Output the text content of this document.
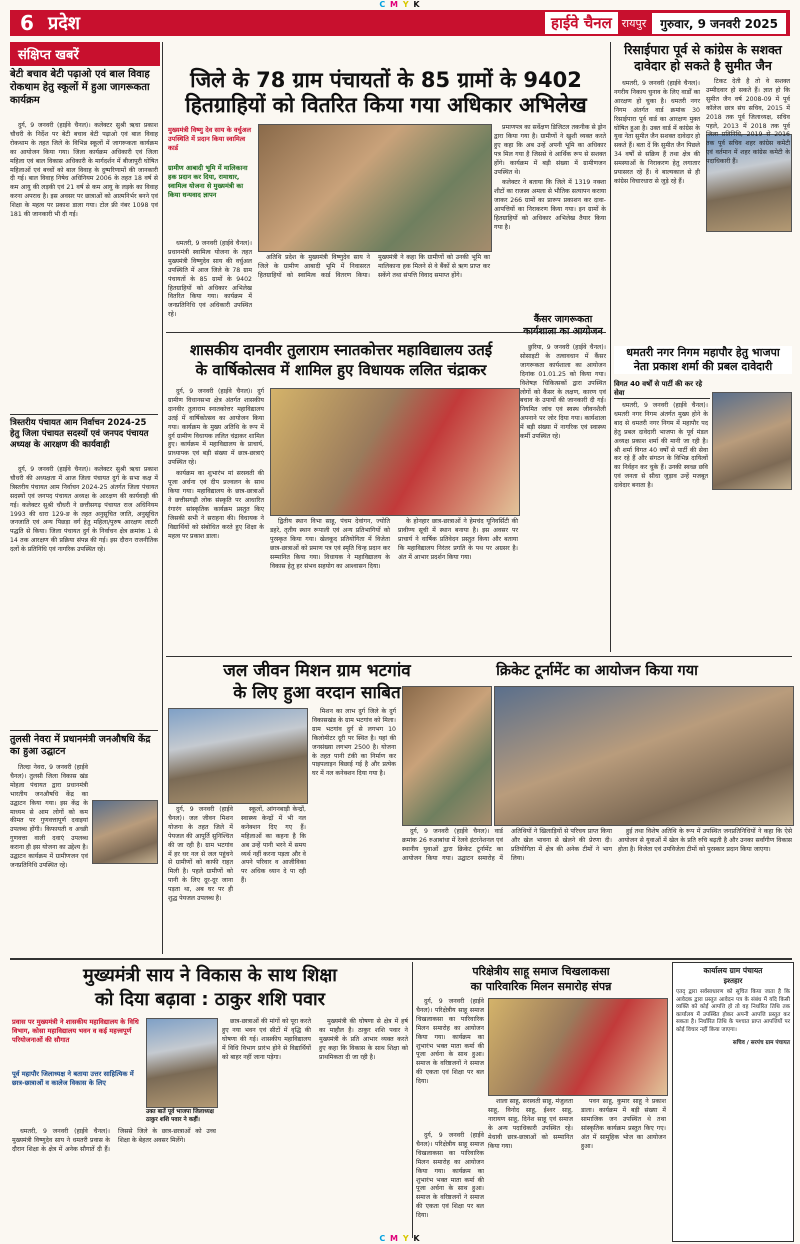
C M Y K
6 प्रदेश	हाईवे चैनल रायपुर	गुरुवार, 9 जनवरी 2025
संक्षिप्त खबरें
बेटी बचाव बेटी पढ़ाओ एवं बाल विवाह रोकथाम हेतु स्कूलों में हुआ जागरूकता कार्यक्रम

दुर्ग, 9 जनवरी (हाईवे चैनल)। कलेक्टर सुश्री ऋचा प्रकाश चौधरी के निर्देश पर बेटी बचाव बेटी पढ़ाओ एवं बाल विवाह रोकथाम के तहत जिले के विभिन्न स्कूलों में जागरूकता कार्यक्रम का आयोजन किया गया। जिला कार्यक्रम अधिकारी एवं जिला महिला एवं बाल विकास अधिकारी के मार्गदर्शन में बीजापुरी घोषित महिलाओं एवं बच्चों को बाल विवाह के दुष्परिणामों की जानकारी दी गई। बाल विवाह निषेध अधिनियम 2006 के तहत 18 वर्ष से कम आयु की लड़की एवं 21 वर्ष से कम आयु के लड़के का विवाह करना अपराध है। इस अवसर पर छात्राओं को आत्मनिर्भर बनने एवं शिक्षा के महत्व पर प्रकाश डाला गया। टोल फ्री नंबर 1098 एवं 181 की जानकारी भी दी गई।

त्रिस्तरीय पंचायत आम निर्वाचन 2024-25 हेतु जिला पंचायत सदस्यों एवं जनपद पंचायत अध्यक्ष के आरक्षण की कार्यवाही

दुर्ग, 9 जनवरी (हाईवे चैनल)। कलेक्टर सुश्री ऋचा प्रकाश चौधरी की अध्यक्षता में आज जिला पंचायत दुर्ग के सभा कक्ष में त्रिस्तरीय पंचायत आम निर्वाचन 2024-25 अंतर्गत जिला पंचायत सदस्यों एवं जनपद पंचायत अध्यक्ष के आरक्षण की कार्यवाही की गई। कलेक्टर सुश्री चौधरी ने छत्तीसगढ़ पंचायत राज अधिनियम 1993 की धारा 129-ङ के तहत अनुसूचित जाति, अनुसूचित जनजाति एवं अन्य पिछड़ा वर्ग हेतु महिला/पुरुष आरक्षण लाटरी पद्धति से किया। जिला पंचायत दुर्ग के निर्वाचन क्षेत्र क्रमांक 1 से 14 तक आरक्षण की प्रक्रिया संपन्न की गई। इस दौरान राजनीतिक दलों के प्रतिनिधि एवं नागरिक उपस्थित रहे।

तुलसी नेवरा में प्रधानमंत्री जनऔषधि केंद्र का हुआ उद्घाटन

तिल्दा नेवरा, 9 जनवरी (हाईवे चैनल)। तुलसी जिला विकास खंड मोहला पंचायत द्वारा प्रधानमंत्री भारतीय जनऔषधि केंद्र का उद्घाटन किया गया। इस केंद्र के माध्यम से आम लोगों को कम कीमत पर गुणवत्तापूर्ण दवाइयां उपलब्ध होंगी। किफायती व अच्छी गुणवत्ता वाली दवाएं उपलब्ध कराना ही इस योजना का उद्देश्य है। उद्घाटन कार्यक्रम में ग्रामीणजन एवं जनप्रतिनिधि उपस्थित रहे।

जिले के 78 ग्राम पंचायतों के 85 ग्रामों के 9402
हितग्राहियों को वितरित किया गया अधिकार अभिलेख
मुख्यमंत्री विष्णु देव साय के वर्चुअल उपस्थिति में प्रदान किया स्वामित्व कार्ड
ग्रामीण आबादी भूमि में मालिकाना हक प्रदान कर दिया, रामाधार, स्वामित्व योजना से मुख्यमंत्री का किया धन्यवाद ज्ञापन

धमतरी, 9 जनवरी (हाईवे चैनल)। प्रधानमंत्री स्वामित्व योजना के तहत मुख्यमंत्री विष्णुदेव साय की वर्चुअल उपस्थिति में आज जिले के 78 ग्राम पंचायतों के 85 ग्रामों के 9402 हितग्राहियों को अधिकार अभिलेख वितरित किया गया। कार्यक्रम में जनप्रतिनिधि एवं अधिकारी उपस्थित रहे।

अतिथि प्रदेश के मुख्यमंत्री विष्णुदेव साय ने जिले के ग्रामीण आबादी भूमि में निवासरत हितग्राहियों को स्वामित्व कार्ड वितरण किया। मुख्यमंत्री ने कहा कि ग्रामीणों को उनकी भूमि का मालिकाना हक मिलने से वे बैंकों से ऋण प्राप्त कर सकेंगे तथा संपत्ति विवाद समाप्त होंगे।

प्रमाणपत्र का सर्वेक्षण डिजिटल तकनीक से ड्रोन द्वारा किया गया है। ग्रामीणों ने खुशी व्यक्त करते हुए कहा कि अब उन्हें अपनी भूमि का अधिकार पत्र मिल गया है जिससे वे आर्थिक रूप से सशक्त होंगे। कार्यक्रम में बड़ी संख्या में ग्रामीणजन उपस्थित थे।

कलेक्टर ने बताया कि जिले में 1319 नक्शा शीटों का राजस्व अमला से भौतिक सत्यापन कराया जाकर 266 ग्रामों का प्रारूप प्रकाशन कर दावा-आपत्तियों का निराकरण किया गया। इन ग्रामों के हितग्राहियों को अधिकार अभिलेख तैयार किया गया है।

रिसाईपारा पूर्व से कांग्रेस के सशक्त
दावेदार हो सकते है सुमीत जैन

धमतरी, 9 जनवरी (हाईवे चैनल)। नगरीय निकाय चुनाव के लिए वार्डों का आरक्षण हो चुका है। धमतरी नगर निगम अंतर्गत वार्ड क्रमांक 30 रिसाईपारा पूर्व वार्ड का आरक्षण मुक्त घोषित हुआ है। उक्त वार्ड में कांग्रेस के युवा नेता सुमीत जैन सशक्त दावेदार हो सकते हैं। बता दें कि सुमीत जैन पिछले 34 वर्षों से सक्रिय हैं तथा क्षेत्र की समस्याओं के निराकरण हेतु लगातार प्रयासरत रहे हैं। वे बाल्यकाल से ही कांग्रेस विचारधारा से जुड़े रहे हैं।

टिकट देती है तो वे सशक्त उम्मीदवार हो सकते हैं। ज्ञात हो कि सुमीत जैन वर्ष 2008-09 में पूर्व कॉलेज छात्र संघ सचिव, 2015 में 2018 तक पूर्व जिलाध्यक्ष, सचिव पहले, 2013 में 2018 तक पूर्व जिला प्रतिनिधि, 2019 से 2016 तक पूर्व सचिव शहर कांग्रेस कमेटी एवं वर्तमान में शहर कांग्रेस कमेटी के पदाधिकारी हैं।

कैंसर जागरूकता

छुरिया, 9 जनवरी (हाईवे चैनल)। सोसाइटी के तत्वावधान में कैंसर जागरूकता कार्यशाला का आयोजन दिनांक 01.01.25 को किया गया। विशेषज्ञ चिकित्सकों द्वारा उपस्थित लोगों को कैंसर के लक्षण, कारण एवं बचाव के उपायों की जानकारी दी गई। नियमित जांच एवं स्वस्थ जीवनशैली अपनाने पर जोर दिया गया। कार्यशाला में बड़ी संख्या में नागरिक एवं स्वास्थ्य कर्मी उपस्थित रहे।

धमतरी नगर निगम महापौर हेतु भाजपा
नेता प्रकाश शर्मा की प्रबल दावेदारी
विगत 40 वर्षों से पार्टी की कर रहे सेवा

धमतरी, 9 जनवरी (हाईवे चैनल)। धमतरी नगर निगम अंतर्गत मुख्य होने के बाद से धमतरी नगर निगम में महापौर पद हेतु प्रबल दावेदारी भाजपा के पूर्व मंडल अध्यक्ष प्रकाश शर्मा की मानी जा रही है। श्री शर्मा विगत 40 वर्षों से पार्टी की सेवा कर रहे हैं और संगठन के विभिन्न दायित्वों का निर्वहन कर चुके हैं। उनकी स्वच्छ छवि एवं जनता से सीधा जुड़ाव उन्हें मजबूत दावेदार बनाता है।

शासकीय दानवीर तुलाराम स्नातकोत्तर महाविद्यालय उतई
के वार्षिकोत्सव में शामिल हुए विधायक ललित चंद्राकर

दुर्ग, 9 जनवरी (हाईवे चैनल)। दुर्ग ग्रामीण विधानसभा क्षेत्र अंतर्गत शासकीय दानवीर तुलाराम स्नातकोत्तर महाविद्यालय उतई में वार्षिकोत्सव का आयोजन किया गया। कार्यक्रम के मुख्य अतिथि के रूप में दुर्ग ग्रामीण विधायक ललित चंद्राकर शामिल हुए। कार्यक्रम में महाविद्यालय के प्राचार्य, प्राध्यापक एवं बड़ी संख्या में छात्र-छात्राएं उपस्थित रहे।

कार्यक्रम का शुभारंभ मां सरस्वती की पूजा अर्चना एवं दीप प्रज्वलन के साथ किया गया। महाविद्यालय के छात्र-छात्राओं ने छत्तीसगढ़ी लोक संस्कृति पर आधारित रंगारंग सांस्कृतिक कार्यक्रम प्रस्तुत किए जिसकी सभी ने सराहना की। विधायक ने विद्यार्थियों को संबोधित करते हुए शिक्षा के महत्व पर प्रकाश डाला।

द्वितीय स्थान विभा साहू, पंचम देवांगन, ज्योति डहरे, तृतीय स्थान रूपाली एवं अन्य प्रतिभागियों को पुरस्कृत किया गया। खेलकूद प्रतियोगिता में विजेता छात्र-छात्राओं को प्रमाण पत्र एवं स्मृति चिन्ह प्रदान कर सम्मानित किया गया। विधायक ने महाविद्यालय के विकास हेतु हर संभव सहयोग का आश्वासन दिया।

के होनहार छात्र-छात्राओं ने हेमचंद यूनिवर्सिटी की प्रावीण्य सूची में स्थान बनाया है। इस अवसर पर प्राचार्य ने वार्षिक प्रतिवेदन प्रस्तुत किया और बताया कि महाविद्यालय निरंतर प्रगति के पथ पर अग्रसर है। अंत में आभार प्रदर्शन किया गया।

जल जीवन मिशन ग्राम भटगांव
के लिए हुआ वरदान साबित

दुर्ग, 9 जनवरी (हाईवे चैनल)। जल जीवन मिशन योजना के तहत जिले में पेयजल की आपूर्ति सुनिश्चित की जा रही है। ग्राम भटगांव में हर घर नल से जल पहुंचने से ग्रामीणों को काफी राहत मिली है। पहले ग्रामीणों को पानी के लिए दूर-दूर जाना पड़ता था, अब घर पर ही शुद्ध पेयजल उपलब्ध है।

स्कूलों, आंगनबाड़ी केन्द्रों, स्वास्थ्य केन्द्रों में भी नल कनेक्शन दिए गए हैं। महिलाओं का कहना है कि अब उन्हें पानी भरने में समय व्यर्थ नहीं करना पड़ता और वे अपने परिवार व आजीविका पर अधिक ध्यान दे पा रही हैं।

मिशन का लाभ दुर्ग जिले के दुर्ग विकासखंड के ग्राम भटगांव को मिला। ग्राम भटगांव दुर्ग से लगभग 10 किलोमीटर दूरी पर स्थित है। यहां की जनसंख्या लगभग 2500 है। योजना के तहत पानी टंकी का निर्माण कर पाइपलाइन बिछाई गई है और प्रत्येक घर में नल कनेक्शन दिया गया है।

क्रिकेट टूर्नामेंट का आयोजन किया गया

दुर्ग, 9 जनवरी (हाईवे चैनल)। वार्ड क्रमांक 26 रुआबांधा में रेलवे इंटरनेशनल एवं स्थानीय युवाओं द्वारा क्रिकेट टूर्नामेंट का आयोजन किया गया। उद्घाटन समारोह में अतिथियों ने खिलाड़ियों से परिचय प्राप्त किया और खेल भावना से खेलने की प्रेरणा दी। प्रतियोगिता में क्षेत्र की अनेक टीमों ने भाग लिया।

हुई तथा विशेष अतिथि के रूप में उपस्थित जनप्रतिनिधियों ने कहा कि ऐसे आयोजन से युवाओं में खेल के प्रति रुचि बढ़ती है और उनका सर्वांगीण विकास होता है। विजेता एवं उपविजेता टीमों को पुरस्कार प्रदान किया जाएगा।

मुख्यमंत्री साय ने विकास के साथ शिक्षा
को दिया बढ़ावा : ठाकुर शशि पवार
प्रवास पर मुख्यमंत्री ने शासकीय महाविद्यालय के विधि विभाग, कोसा महाविद्यालय भवन व कई महत्त्वपूर्ण परियोजनाओं की सौगात
पूर्व महापौर जिलाध्यक्ष ने बताया उत्तर साहित्यिक में छात्र-छात्राओं व कालेज विकास के लिए
उक्त बातें पूर्व भाजपा जिलाध्यक्ष ठाकुर शशि पवार ने कहीं।

धमतरी, 9 जनवरी (हाईवे चैनल)। मुख्यमंत्री विष्णुदेव साय ने धमतरी प्रवास के दौरान शिक्षा के क्षेत्र में अनेक सौगातें दी हैं। जिससे जिले के छात्र-छात्राओं को उच्च शिक्षा के बेहतर अवसर मिलेंगे।

छात्र-छात्राओं की मांगों को पूरा करते हुए नया भवन एवं सीटों में वृद्धि की घोषणा की गई। शासकीय महाविद्यालय में विधि विभाग प्रारंभ होने से विद्यार्थियों को बाहर नहीं जाना पड़ेगा।

मुख्यमंत्री की घोषणा से क्षेत्र में हर्ष का माहौल है। ठाकुर शशि पवार ने मुख्यमंत्री के प्रति आभार व्यक्त करते हुए कहा कि विकास के साथ शिक्षा को प्राथमिकता दी जा रही है।

परिक्षेत्रीय साहू समाज चिखलाकसा
का पारिवारिक मिलन समारोह संपन्न

दुर्ग, 9 जनवरी (हाईवे चैनल)। परिक्षेत्रीय साहू समाज चिखलाकसा का पारिवारिक मिलन समारोह का आयोजन किया गया। कार्यक्रम का शुभारंभ भक्त माता कर्मा की पूजा अर्चना के साथ हुआ। समाज के वरिष्ठजनों ने समाज की एकता एवं शिक्षा पर बल दिया।

शाला साहू, सरस्वती साहू, मंजुलता साहू, विनोद साहू, ईश्वर साहू, नारायण साहू, दिनेश साहू एवं समाज के अन्य पदाधिकारी उपस्थित रहे। मेधावी छात्र-छात्राओं को सम्मानित किया गया।

पवन साहू, कुमार साहू ने प्रकाश डाला। कार्यक्रम में बड़ी संख्या में सामाजिक जन उपस्थित थे तथा सांस्कृतिक कार्यक्रम प्रस्तुत किए गए। अंत में सामूहिक भोज का आयोजन हुआ।

दुर्ग, 9 जनवरी (हाईवे चैनल)। परिक्षेत्रीय साहू समाज चिखलाकसा का पारिवारिक मिलन समारोह का आयोजन किया गया। कार्यक्रम का शुभारंभ भक्त माता कर्मा की पूजा अर्चना के साथ हुआ। समाज के वरिष्ठजनों ने समाज की एकता एवं शिक्षा पर बल दिया।

कार्यालय ग्राम पंचायत
इश्तहार
एतद् द्वारा सर्वसाधारण को सूचित किया जाता है कि आवेदक द्वारा प्रस्तुत आवेदन पत्र के संबंध में यदि किसी व्यक्ति को कोई आपत्ति हो तो वह निर्धारित तिथि तक कार्यालय में उपस्थित होकर अपनी आपत्ति प्रस्तुत कर सकता है। निर्धारित तिथि के पश्चात प्राप्त आपत्तियों पर कोई विचार नहीं किया जाएगा।
सचिव / सरपंच ग्राम पंचायत
C M Y K
